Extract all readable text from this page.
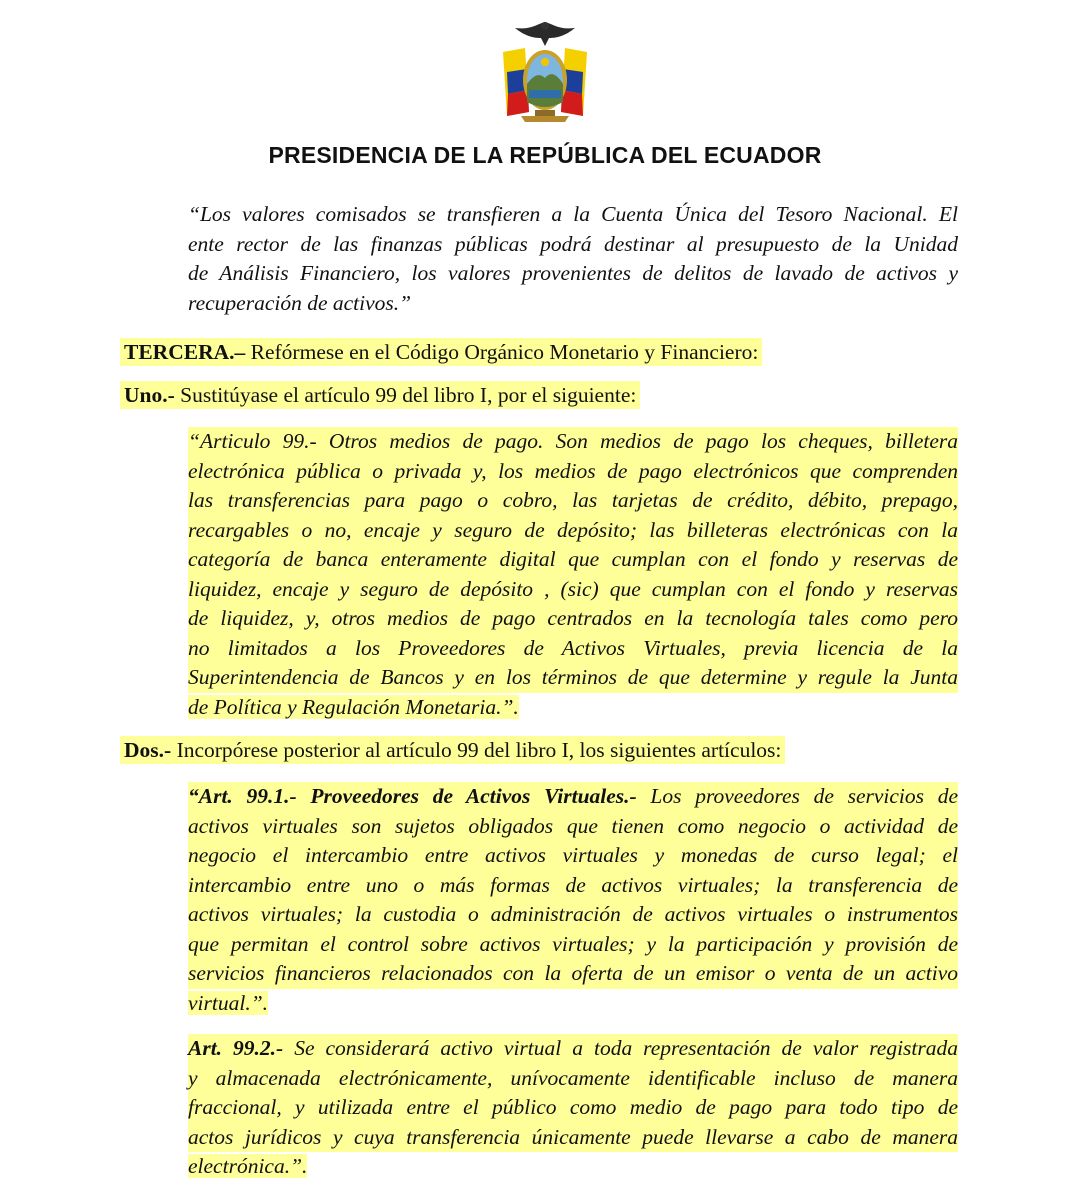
PRESIDENCIA DE LA REPÚBLICA DEL ECUADOR
“Los valores comisados se transfieren a la Cuenta Única del Tesoro Nacional. El
ente rector de las finanzas públicas podrá destinar al presupuesto de la Unidad
de Análisis Financiero, los valores provenientes de delitos de lavado de activos y
recuperación de activos.”
TERCERA.– Refórmese en el Código Orgánico Monetario y Financiero:
Uno.- Sustitúyase el artículo 99 del libro I, por el siguiente:
“Articulo 99.- Otros medios de pago. Son medios de pago los cheques, billetera
electrónica pública o privada y, los medios de pago electrónicos que comprenden
las transferencias para pago o cobro, las tarjetas de crédito, débito, prepago,
recargables o no, encaje y seguro de depósito; las billeteras electrónicas con la
categoría de banca enteramente digital que cumplan con el fondo y reservas de
liquidez, encaje y seguro de depósito , (sic) que cumplan con el fondo y reservas
de liquidez, y, otros medios de pago centrados en la tecnología tales como pero
no limitados a los Proveedores de Activos Virtuales, previa licencia de la
Superintendencia de Bancos y en los términos de que determine y regule la Junta
de Política y Regulación Monetaria.”.
Dos.- Incorpórese posterior al artículo 99 del libro I, los siguientes artículos:
“Art. 99.1.- Proveedores de Activos Virtuales.- Los proveedores de servicios de
activos virtuales son sujetos obligados que tienen como negocio o actividad de
negocio el intercambio entre activos virtuales y monedas de curso legal; el
intercambio entre uno o más formas de activos virtuales; la transferencia de
activos virtuales; la custodia o administración de activos virtuales o instrumentos
que permitan el control sobre activos virtuales; y la participación y provisión de
servicios financieros relacionados con la oferta de un emisor o venta de un activo
virtual.”.
Art. 99.2.- Se considerará activo virtual a toda representación de valor registrada
y almacenada electrónicamente, unívocamente identificable incluso de manera
fraccional, y utilizada entre el público como medio de pago para todo tipo de
actos jurídicos y cuya transferencia únicamente puede llevarse a cabo de manera
electrónica.”.
